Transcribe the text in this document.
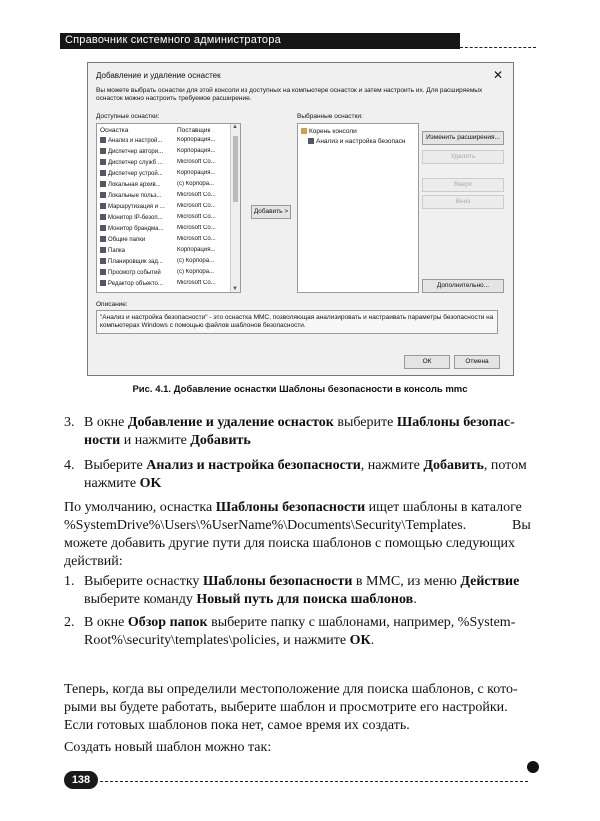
Справочник системного администратора
Добавление и удаление оснастек	✕
Вы можете выбрать оснастки для этой консоли из доступных на компьютере оснасток и затем настроить их. Для расширяемых оснасток можно настроить требуемое расширение.
Доступные оснастки:
Оснастка	Поставщик
Анализ и настрой...	Корпорация...
Диспетчер автори...	Корпорация...
Диспетчер служб ...	Microsoft Co...
Диспетчер устрой...	Корпорация...
Локальная архив...	(c) Корпора...
Локальные польз...	Microsoft Co...
Маршрутизация и ...	Microsoft Co...
Монитор IP-безоп...	Microsoft Co...
Монитор брандма...	Microsoft Co...
Общие папки	Microsoft Co...
Папка	Корпорация...
Планировщик зад...	(c) Корпора...
Просмотр событий	(c) Корпора...
Редактор объекто...	Microsoft Co...
▲
▼
Добавить >
Выбранные оснастки:
Корень консоли
Анализ и настройка безопасн
Изменить расширения...
Удалить
Вверх
Вниз
Дополнительно...
Описание:
"Анализ и настройка безопасности" - это оснастка MMC, позволяющая анализировать и настраивать параметры безопасности на компьютерах Windows с помощью файлов шаблонов безопасности.
ОК	Отмена
Рис. 4.1. Добавление оснастки Шаблоны безопасности в консоль mmc
3. В окне Добавление и удаление оснасток выберите Шаблоны безопас-
ности и нажмите Добавить
4. Выберите Анализ и настройка безопасности, нажмите Добавить, потом
нажмите OK
По умолчанию, оснастка Шаблоны безопасности ищет шаблоны в каталоге
%SystemDrive%\Users\%UserName%\Documents\Security\Templates.	Вы
можете добавить другие пути для поиска шаблонов с помощью следующих
действий:
1. Выберите оснастку Шаблоны безопасности в MMC, из меню Действие
выберите команду Новый путь для поиска шаблонов.
2. В окне Обзор папок выберите папку с шаблонами, например, %System-
Root%\security\templates\policies, и нажмите ОК.
Теперь, когда вы определили местоположение для поиска шаблонов, с кото-
рыми вы будете работать, выберите шаблон и просмотрите его настройки.
Если готовых шаблонов пока нет, самое время их создать.
Создать новый шаблон можно так:
138
